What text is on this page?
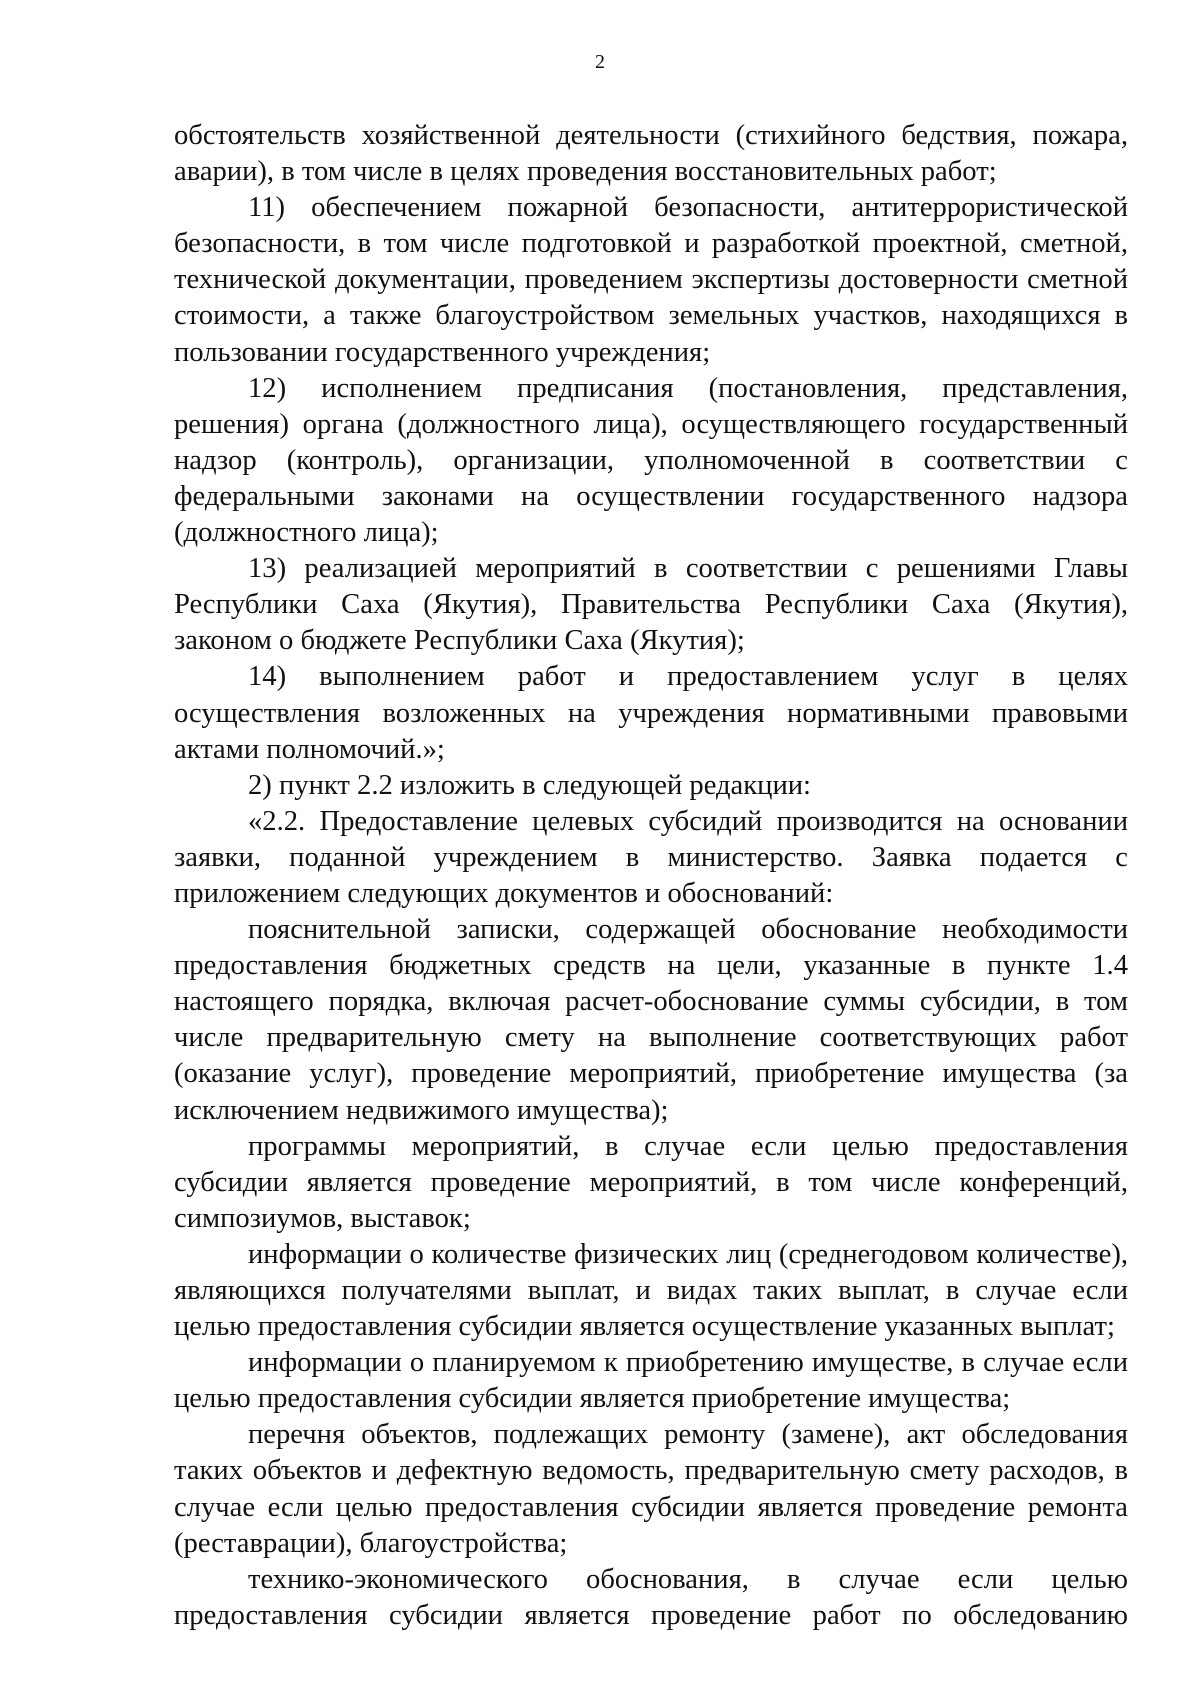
2

обстоятельств хозяйственной деятельности (стихийного бедствия, пожара, аварии), в том числе в целях проведения восстановительных работ;

11) обеспечением пожарной безопасности, антитеррористической безопасности, в том числе подготовкой и разработкой проектной, сметной, технической документации, проведением экспертизы достоверности сметной стоимости, а также благоустройством земельных участков, находящихся в пользовании государственного учреждения;

12) исполнением предписания (постановления, представления, решения) органа (должностного лица), осуществляющего государственный надзор (контроль), организации, уполномоченной в соответствии с федеральными законами на осуществлении государственного надзора (должностного лица);

13) реализацией мероприятий в соответствии с решениями Главы Республики Саха (Якутия), Правительства Республики Саха (Якутия), законом о бюджете Республики Саха (Якутия);

14) выполнением работ и предоставлением услуг в целях осуществления возложенных на учреждения нормативными правовыми актами полномочий.»;

2) пункт 2.2 изложить в следующей редакции:

«2.2. Предоставление целевых субсидий производится на основании заявки, поданной учреждением в министерство. Заявка подается с приложением следующих документов и обоснований:

пояснительной записки, содержащей обоснование необходимости предоставления бюджетных средств на цели, указанные в пункте 1.4 настоящего порядка, включая расчет-обоснование суммы субсидии, в том числе предварительную смету на выполнение соответствующих работ (оказание услуг), проведение мероприятий, приобретение имущества (за исключением недвижимого имущества);

программы мероприятий, в случае если целью предоставления субсидии является проведение мероприятий, в том числе конференций, симпозиумов, выставок;

информации о количестве физических лиц (среднегодовом количестве), являющихся получателями выплат, и видах таких выплат, в случае если целью предоставления субсидии является осуществление указанных выплат;

информации о планируемом к приобретению имуществе, в случае если целью предоставления субсидии является приобретение имущества;

перечня объектов, подлежащих ремонту (замене), акт обследования таких объектов и дефектную ведомость, предварительную смету расходов, в случае если целью предоставления субсидии является проведение ремонта (реставрации), благоустройства;

технико-экономического обоснования, в случае если целью предоставления субсидии является проведение работ по обследованию
